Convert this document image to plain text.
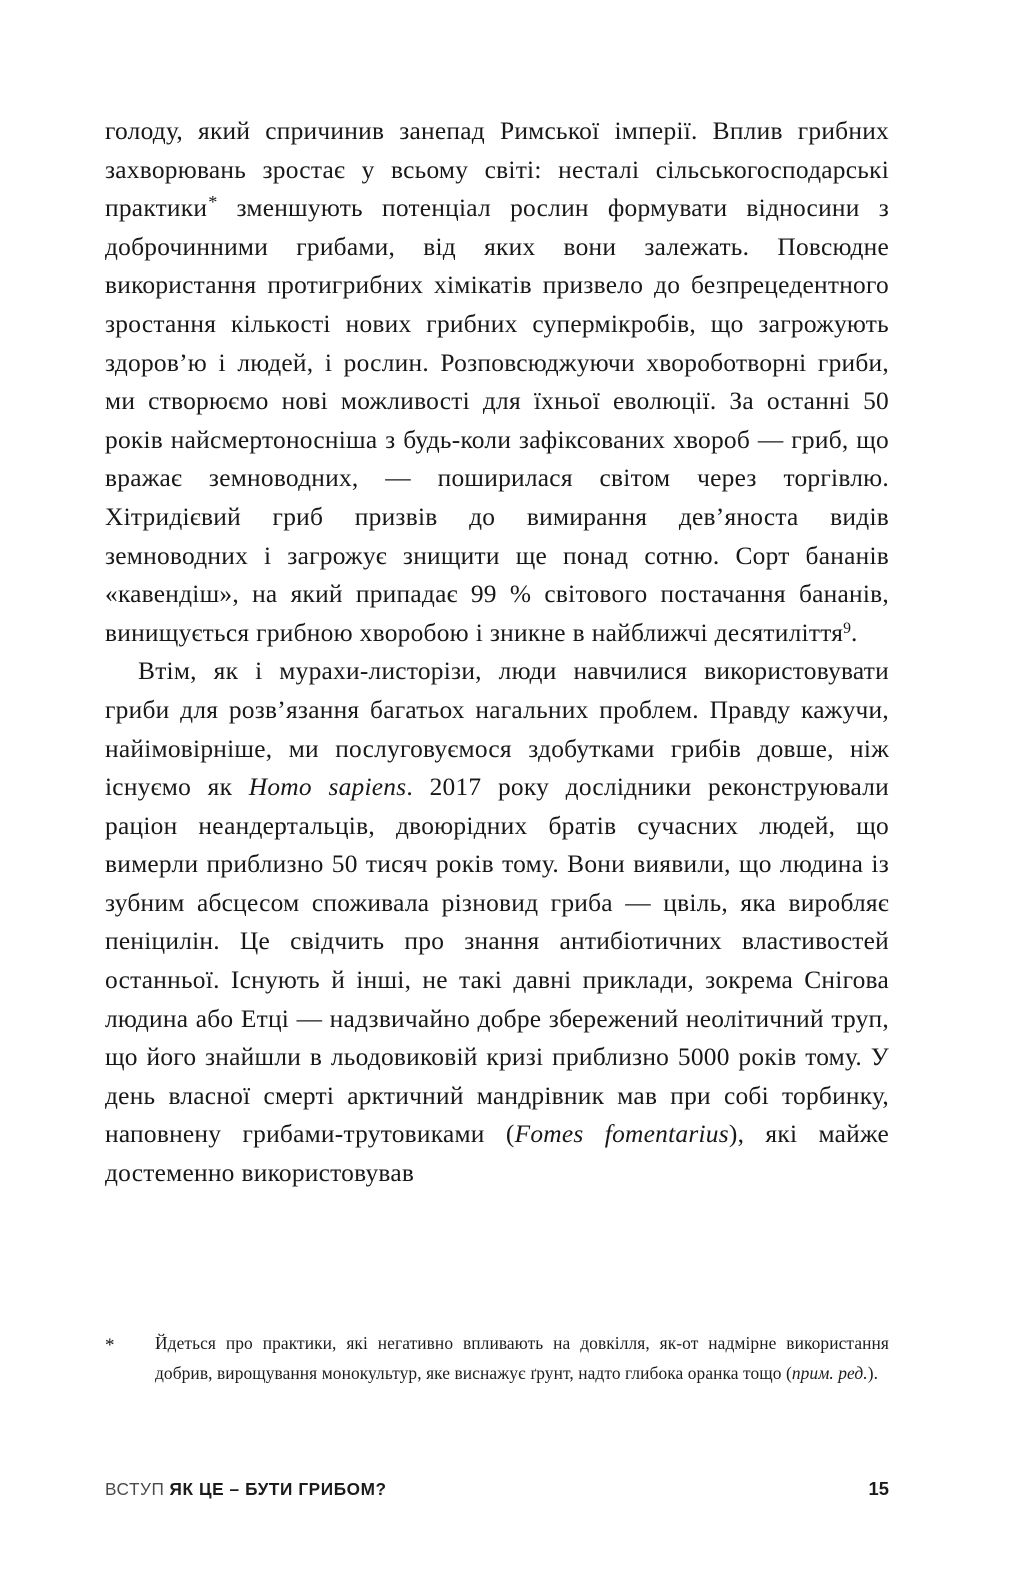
голоду, який спричинив занепад Римської імперії. Вплив грибних захворювань зростає у всьому світі: несталі сільськогосподарські практики* зменшують потенціал рослин формувати відносини з доброчинними грибами, від яких вони залежать. Повсюдне використання протигрибних хімікатів призвело до безпрецедентного зростання кількості нових грибних супермікробів, що загрожують здоров’ю і людей, і рослин. Розповсюджуючи хвороботворні гриби, ми створюємо нові можливості для їхньої еволюції. За останні 50 років найсмертоносніша з будь-коли зафіксованих хвороб — гриб, що вражає земноводних, — поширилася світом через торгівлю. Хітридієвий гриб призвів до вимирання дев’яноста видів земноводних і загрожує знищити ще понад сотню. Сорт бананів «кавендіш», на який припадає 99 % світового постачання бананів, винищується грибною хворобою і зникне в найближчі десятиліття$^9$.

Втім, як і мурахи-листорізи, люди навчилися використовувати гриби для розв’язання багатьох нагальних проблем. Правду кажучи, найімовірніше, ми послуговуємося здобутками грибів довше, ніж існуємо як Homo sapiens. 2017 року дослідники реконструювали раціон неандертальців, двоюрідних братів сучасних людей, що вимерли приблизно 50 тисяч років тому. Вони виявили, що людина із зубним абсцесом споживала різновид гриба — цвіль, яка виробляє пеніцилін. Це свідчить про знання антибіотичних властивостей останньої. Існують й інші, не такі давні приклади, зокрема Снігова людина або Етці — надзвичайно добре збережений неолітичний труп, що його знайшли в льодовиковій кризі приблизно 5000 років тому. У день власної смерті арктичний мандрівник мав при собі торбинку, наповнену грибами-трутовиками (Fomes fomentarius), які майже достеменно використовував

*	Йдеться про практики, які негативно впливають на довкілля, як-от надмірне використання добрив, вирощування монокультур, яке виснажує ґрунт, надто глибока оранка тощо (прим. ред.).

ВСТУП ЯК ЦЕ – БУТИ ГРИБОМ?	15
